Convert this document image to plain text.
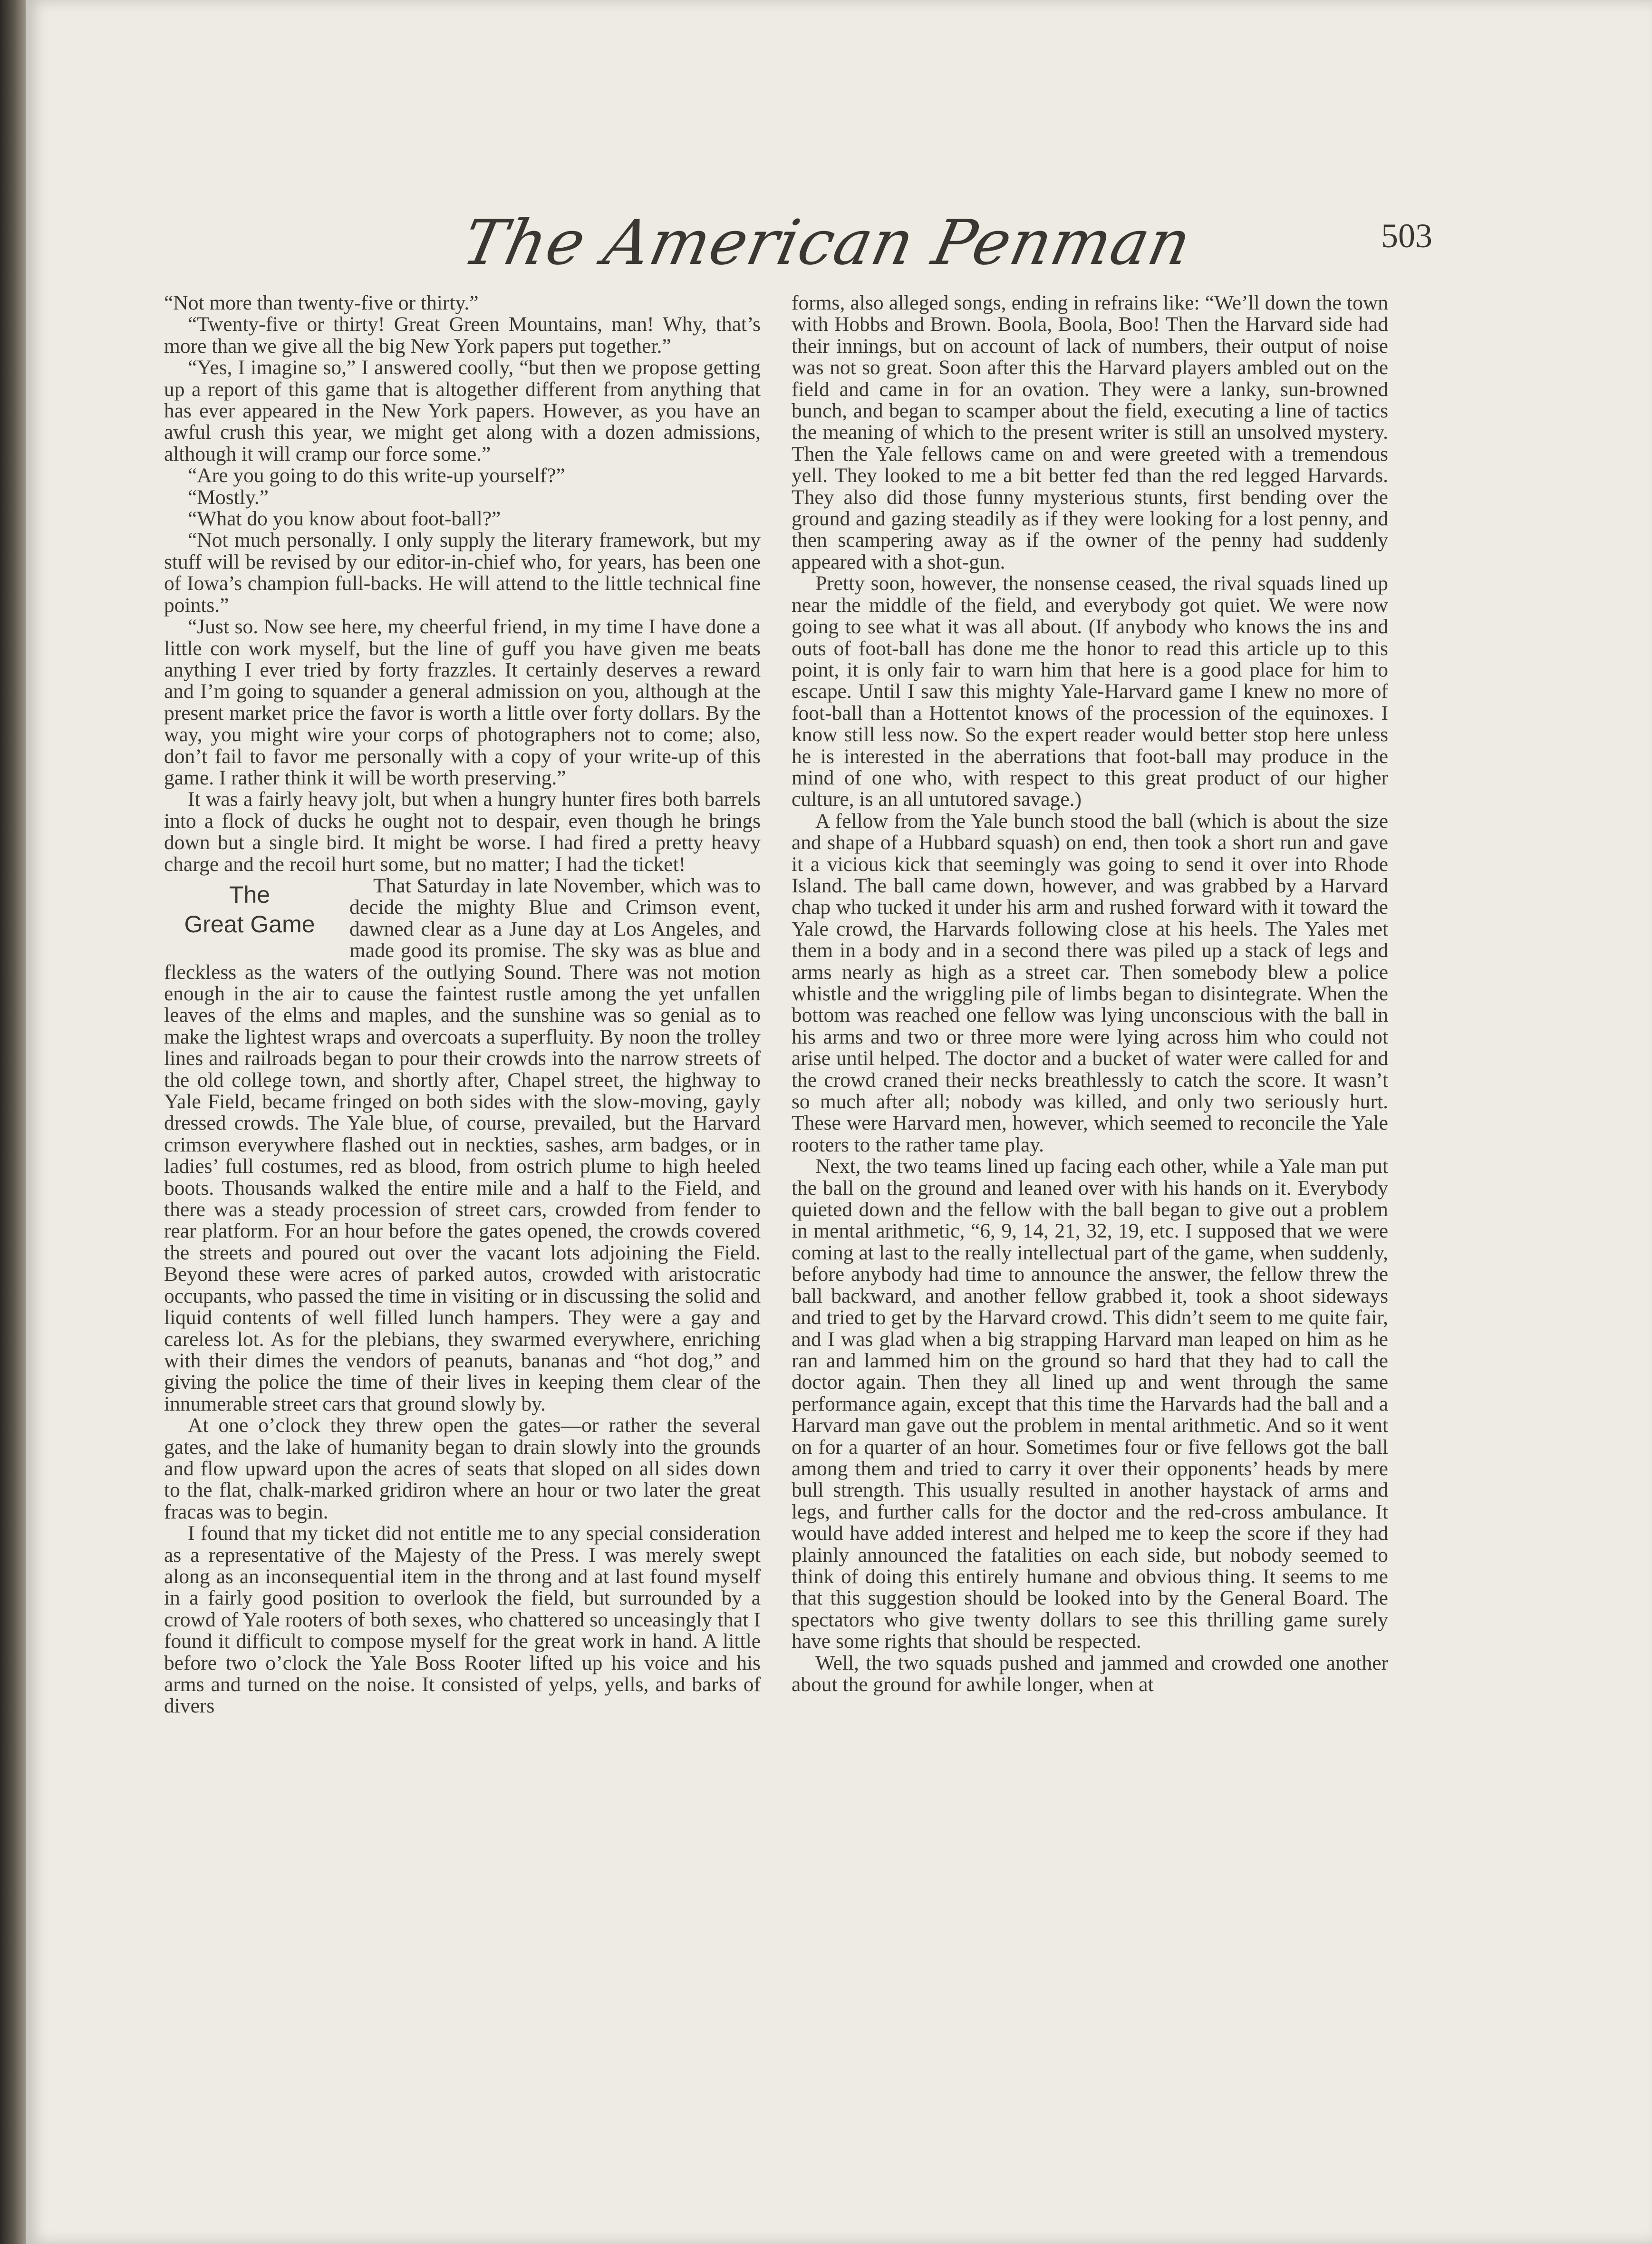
The American Penman	503

“Not more than twenty-five or thirty.”

“Twenty-five or thirty! Great Green Mountains, man! Why, that’s more than we give all the big New York papers put together.”

“Yes, I imagine so,” I answered coolly, “but then we propose getting up a report of this game that is altogether different from anything that has ever appeared in the New York papers. However, as you have an awful crush this year, we might get along with a dozen admissions, although it will cramp our force some.”

“Are you going to do this write-up yourself?”

“Mostly.”

“What do you know about foot-ball?”

“Not much personally. I only supply the literary framework, but my stuff will be revised by our editor-in-chief who, for years, has been one of Iowa’s champion full-backs. He will attend to the little technical fine points.”

“Just so. Now see here, my cheerful friend, in my time I have done a little con work myself, but the line of guff you have given me beats anything I ever tried by forty frazzles. It certainly deserves a reward and I’m going to squander a general admission on you, although at the present market price the favor is worth a little over forty dollars. By the way, you might wire your corps of photographers not to come; also, don’t fail to favor me personally with a copy of your write-up of this game. I rather think it will be worth preserving.”

It was a fairly heavy jolt, but when a hungry hunter fires both barrels into a flock of ducks he ought not to despair, even though he brings down but a single bird. It might be worse. I had fired a pretty heavy charge and the recoil hurt some, but no matter; I had the ticket!

The
Great Game

That Saturday in late November, which was to decide the mighty Blue and Crimson event, dawned clear as a June day at Los Angeles, and made good its promise. The sky was as blue and fleckless as the waters of the outlying Sound. There was not motion enough in the air to cause the faintest rustle among the yet unfallen leaves of the elms and maples, and the sunshine was so genial as to make the lightest wraps and overcoats a superfluity. By noon the trolley lines and railroads began to pour their crowds into the narrow streets of the old college town, and shortly after, Chapel street, the highway to Yale Field, became fringed on both sides with the slow-moving, gayly dressed crowds. The Yale blue, of course, prevailed, but the Harvard crimson everywhere flashed out in neckties, sashes, arm badges, or in ladies’ full costumes, red as blood, from ostrich plume to high heeled boots. Thousands walked the entire mile and a half to the Field, and there was a steady procession of street cars, crowded from fender to rear platform. For an hour before the gates opened, the crowds covered the streets and poured out over the vacant lots adjoining the Field. Beyond these were acres of parked autos, crowded with aristocratic occupants, who passed the time in visiting or in discussing the solid and liquid contents of well filled lunch hampers. They were a gay and careless lot. As for the plebians, they swarmed everywhere, enriching with their dimes the vendors of peanuts, bananas and “hot dog,” and giving the police the time of their lives in keeping them clear of the innumerable street cars that ground slowly by.

At one o’clock they threw open the gates—or rather the several gates, and the lake of humanity began to drain slowly into the grounds and flow upward upon the acres of seats that sloped on all sides down to the flat, chalk-marked gridiron where an hour or two later the great fracas was to begin.

I found that my ticket did not entitle me to any special consideration as a representative of the Majesty of the Press. I was merely swept along as an inconsequential item in the throng and at last found myself in a fairly good position to overlook the field, but surrounded by a crowd of Yale rooters of both sexes, who chattered so unceasingly that I found it difficult to compose myself for the great work in hand. A little before two o’clock the Yale Boss Rooter lifted up his voice and his arms and turned on the noise. It consisted of yelps, yells, and barks of divers

forms, also alleged songs, ending in refrains like: “We’ll down the town with Hobbs and Brown. Boola, Boola, Boo! Then the Harvard side had their innings, but on account of lack of numbers, their output of noise was not so great. Soon after this the Harvard players ambled out on the field and came in for an ovation. They were a lanky, sun-browned bunch, and began to scamper about the field, executing a line of tactics the meaning of which to the present writer is still an unsolved mystery. Then the Yale fellows came on and were greeted with a tremendous yell. They looked to me a bit better fed than the red legged Harvards. They also did those funny mysterious stunts, first bending over the ground and gazing steadily as if they were looking for a lost penny, and then scampering away as if the owner of the penny had suddenly appeared with a shot-gun.

Pretty soon, however, the nonsense ceased, the rival squads lined up near the middle of the field, and everybody got quiet. We were now going to see what it was all about. (If anybody who knows the ins and outs of foot-ball has done me the honor to read this article up to this point, it is only fair to warn him that here is a good place for him to escape. Until I saw this mighty Yale-Harvard game I knew no more of foot-ball than a Hottentot knows of the procession of the equinoxes. I know still less now. So the expert reader would better stop here unless he is interested in the aberrations that foot-ball may produce in the mind of one who, with respect to this great product of our higher culture, is an all untutored savage.)

A fellow from the Yale bunch stood the ball (which is about the size and shape of a Hubbard squash) on end, then took a short run and gave it a vicious kick that seemingly was going to send it over into Rhode Island. The ball came down, however, and was grabbed by a Harvard chap who tucked it under his arm and rushed forward with it toward the Yale crowd, the Harvards following close at his heels. The Yales met them in a body and in a second there was piled up a stack of legs and arms nearly as high as a street car. Then somebody blew a police whistle and the wriggling pile of limbs began to disintegrate. When the bottom was reached one fellow was lying unconscious with the ball in his arms and two or three more were lying across him who could not arise until helped. The doctor and a bucket of water were called for and the crowd craned their necks breathlessly to catch the score. It wasn’t so much after all; nobody was killed, and only two seriously hurt. These were Harvard men, however, which seemed to reconcile the Yale rooters to the rather tame play.

Next, the two teams lined up facing each other, while a Yale man put the ball on the ground and leaned over with his hands on it. Everybody quieted down and the fellow with the ball began to give out a problem in mental arithmetic, “6, 9, 14, 21, 32, 19, etc. I supposed that we were coming at last to the really intellectual part of the game, when suddenly, before anybody had time to announce the answer, the fellow threw the ball backward, and another fellow grabbed it, took a shoot sideways and tried to get by the Harvard crowd. This didn’t seem to me quite fair, and I was glad when a big strapping Harvard man leaped on him as he ran and lammed him on the ground so hard that they had to call the doctor again. Then they all lined up and went through the same performance again, except that this time the Harvards had the ball and a Harvard man gave out the problem in mental arithmetic. And so it went on for a quarter of an hour. Sometimes four or five fellows got the ball among them and tried to carry it over their opponents’ heads by mere bull strength. This usually resulted in another haystack of arms and legs, and further calls for the doctor and the red-cross ambulance. It would have added interest and helped me to keep the score if they had plainly announced the fatalities on each side, but nobody seemed to think of doing this entirely humane and obvious thing. It seems to me that this suggestion should be looked into by the General Board. The spectators who give twenty dollars to see this thrilling game surely have some rights that should be respected.

Well, the two squads pushed and jammed and crowded one another about the ground for awhile longer, when at
